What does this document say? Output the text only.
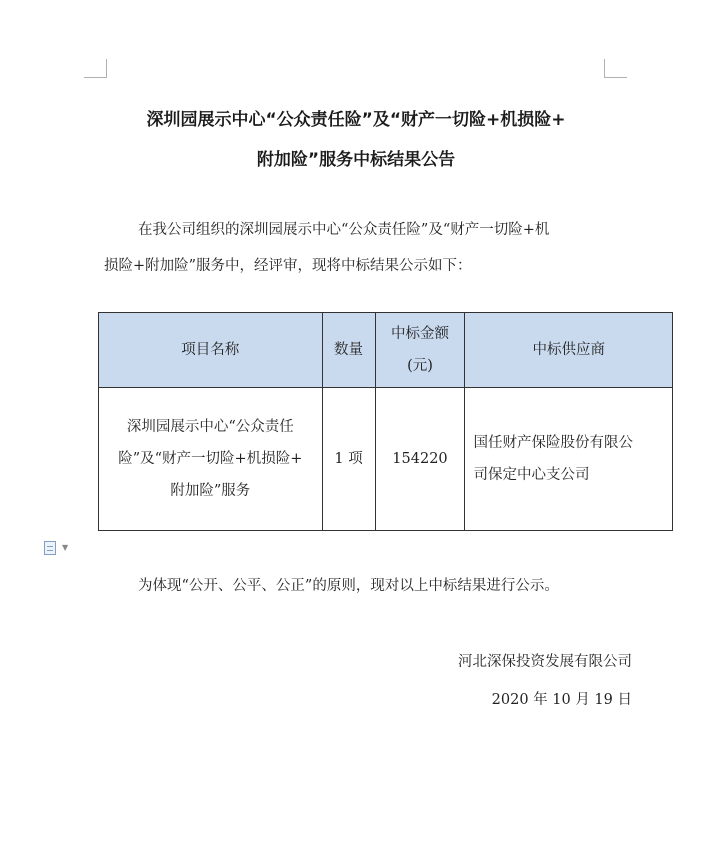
深圳园展示中心“公众责任险”及“财产一切险+机损险+
附加险”服务中标结果公告
在我公司组织的深圳园展示中心“公众责任险”及“财产一切险+机
损险+附加险”服务中，经评审，现将中标结果公示如下：
项目名称	数量	中标金额
(元)	中标供应商
深圳园展示中心“公众责任
险”及“财产一切险+机损险+
附加险”服务	1 项	154220	国任财产保险股份有限公
司保定中心支公司
▼
为体现“公开、公平、公正”的原则，现对以上中标结果进行公示。
河北深保投资发展有限公司
2020 年 10 月 19 日
